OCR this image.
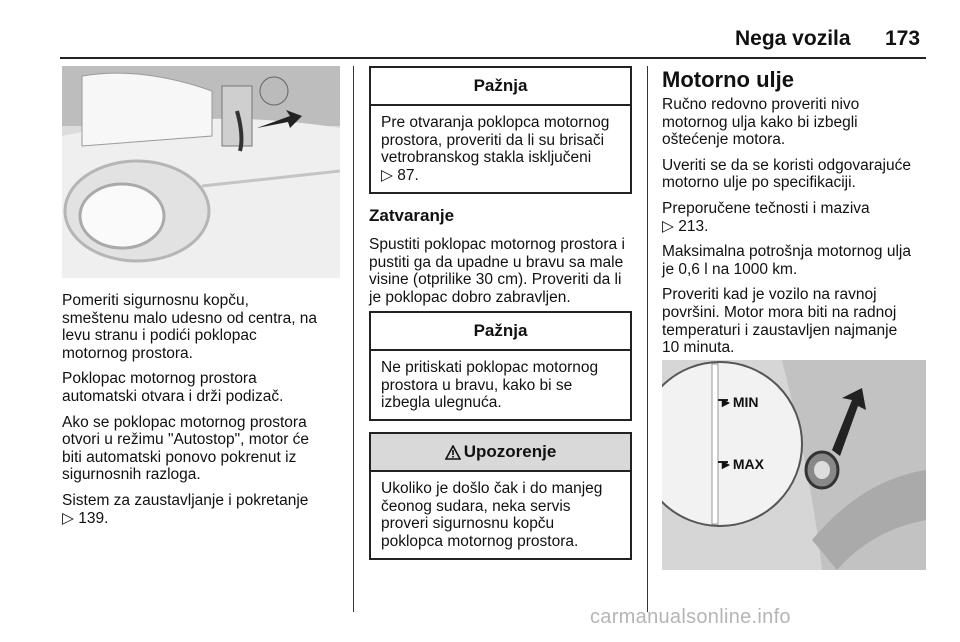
Nega vozila 173

Pomeriti sigurnosnu kopču,
smeštenu malo udesno od centra, na
levu stranu i podići poklopac
motornog prostora.

Poklopac motornog prostora
automatski otvara i drži podizač.

Ako se poklopac motornog prostora
otvori u režimu "Autostop", motor će
biti automatski ponovo pokrenut iz
sigurnosnih razloga.

Sistem za zaustavljanje i pokretanje
▷ 139.

Pažnja
Pre otvaranja poklopca motornog
prostora, proveriti da li su brisači
vetrobranskog stakla isključeni
▷ 87.
Zatvaranje

Spustiti poklopac motornog prostora i
pustiti ga da upadne u bravu sa male
visine (otprilike 30 cm). Proveriti da li
je poklopac dobro zabravljen.

Pažnja
Ne pritiskati poklopac motornog
prostora u bravu, kako bi se
izbegla ulegnuća.
Upozorenje
Ukoliko je došlo čak i do manjeg
čeonog sudara, neka servis
proveri sigurnosnu kopču
poklopca motornog prostora.
Motorno ulje

Ručno redovno proveriti nivo
motornog ulja kako bi izbegli
oštećenje motora.

Uveriti se da se koristi odgovarajuće
motorno ulje po specifikaciji.

Preporučene tečnosti i maziva
▷ 213.

Maksimalna potrošnja motornog ulja
je 0,6 l na 1000 km.

Proveriti kad je vozilo na ravnoj
površini. Motor mora biti na radnoj
temperaturi i zaustavljen najmanje
10 minuta.

►MIN
►MAX
carmanualsonline.info
